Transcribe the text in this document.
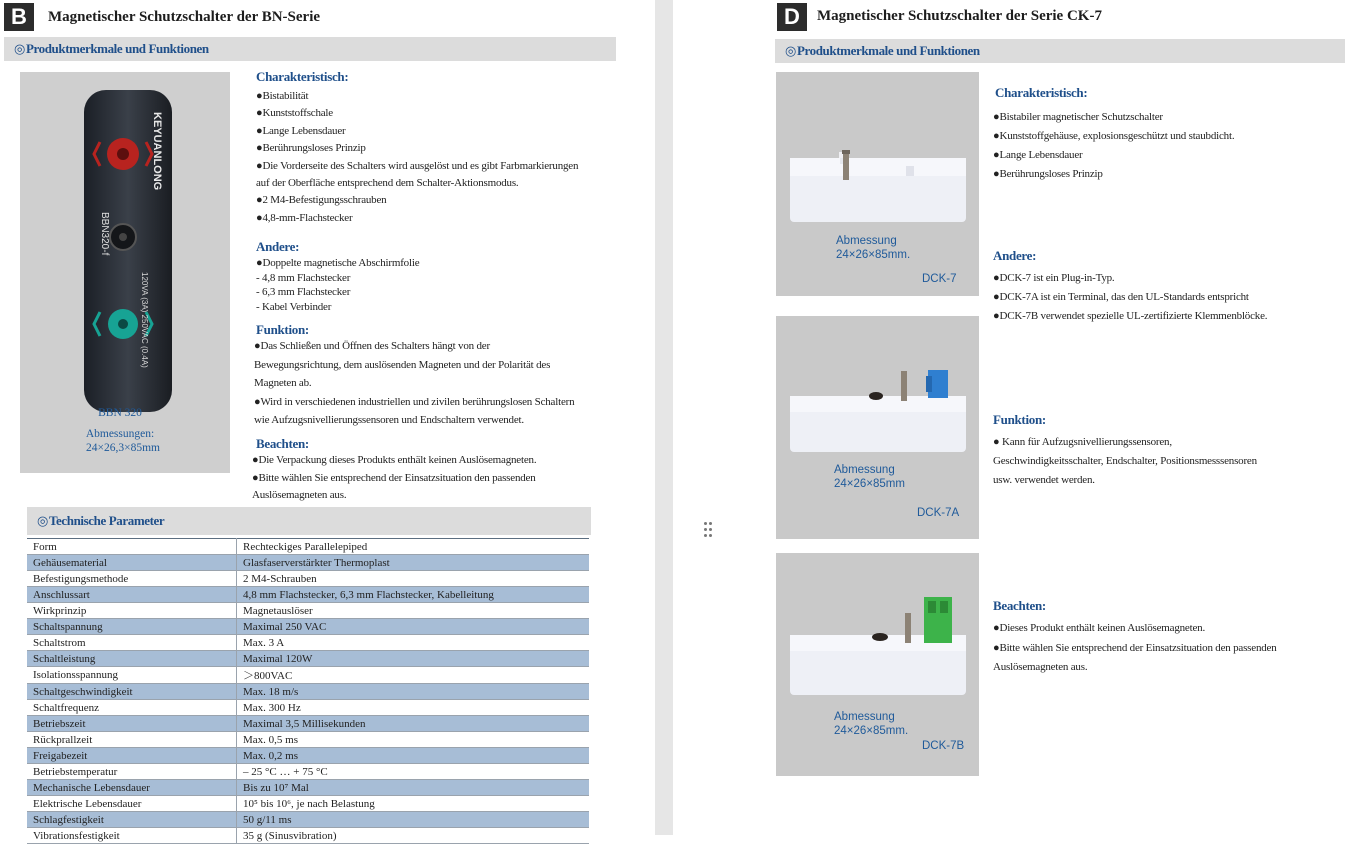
B	Magnetischer Schutzschalter der BN-Serie
◎Produktmerkmale und Funktionen
KEYUANLONG
BBN320-f
120VA (3A) 250VAC (0.4A)
BBN 320
Abmessungen:
24×26,3×85mm
Charakteristisch:
●Bistabilität
●Kunststoffschale
●Lange Lebensdauer
●Berührungsloses Prinzip
●Die Vorderseite des Schalters wird ausgelöst und es gibt Farbmarkierungen
auf der Oberfläche entsprechend dem Schalter-Aktionsmodus.
●2 M4-Befestigungsschrauben
●4,8-mm-Flachstecker
Andere:
●Doppelte magnetische Abschirmfolie
- 4,8 mm Flachstecker
- 6,3 mm Flachstecker
- Kabel Verbinder
Funktion:
●Das Schließen und Öffnen des Schalters hängt von der
Bewegungsrichtung, dem auslösenden Magneten und der Polarität des
Magneten ab.
●Wird in verschiedenen industriellen und zivilen berührungslosen Schaltern
wie Aufzugsnivellierungssensoren und Endschaltern verwendet.
Beachten:
●Die Verpackung dieses Produkts enthält keinen Auslösemagneten.
●Bitte wählen Sie entsprechend der Einsatzsituation den passenden
Auslösemagneten aus.
◎Technische Parameter
Form	Rechteckiges Parallelepiped
Gehäusematerial	Glasfaserverstärkter Thermoplast
Befestigungsmethode	2 M4-Schrauben
Anschlussart	4,8 mm Flachstecker, 6,3 mm Flachstecker, Kabelleitung
Wirkprinzip	Magnetauslöser
Schaltspannung	Maximal 250 VAC
Schaltstrom	Max. 3 A
Schaltleistung	Maximal 120W
Isolationsspannung	＞800VAC
Schaltgeschwindigkeit	Max. 18 m/s
Schaltfrequenz	Max. 300 Hz
Betriebszeit	Maximal 3,5 Millisekunden
Rückprallzeit	Max. 0,5 ms
Freigabezeit	Max. 0,2 ms
Betriebstemperatur	– 25 °C … + 75 °C
Mechanische Lebensdauer	Bis zu 10⁷ Mal
Elektrische Lebensdauer	10⁵ bis 10⁶, je nach Belastung
Schlagfestigkeit	50 g/11 ms
Vibrationsfestigkeit	35 g (Sinusvibration)
D	Magnetischer Schutzschalter der Serie CK-7
◎Produktmerkmale und Funktionen
Abmessung
24×26×85mm.
DCK-7
Abmessung
24×26×85mm
DCK-7A
Abmessung
24×26×85mm.
DCK-7B
Charakteristisch:
●Bistabiler magnetischer Schutzschalter
●Kunststoffgehäuse, explosionsgeschützt und staubdicht.
●Lange Lebensdauer
●Berührungsloses Prinzip
Andere:
●DCK-7 ist ein Plug-in-Typ.
●DCK-7A ist ein Terminal, das den UL-Standards entspricht
●DCK-7B verwendet spezielle UL-zertifizierte Klemmenblöcke.
Funktion:
● Kann für Aufzugsnivellierungssensoren,
Geschwindigkeitsschalter, Endschalter, Positionsmesssensoren
usw. verwendet werden.
Beachten:
●Dieses Produkt enthält keinen Auslösemagneten.
●Bitte wählen Sie entsprechend der Einsatzsituation den passenden
Auslösemagneten aus.
